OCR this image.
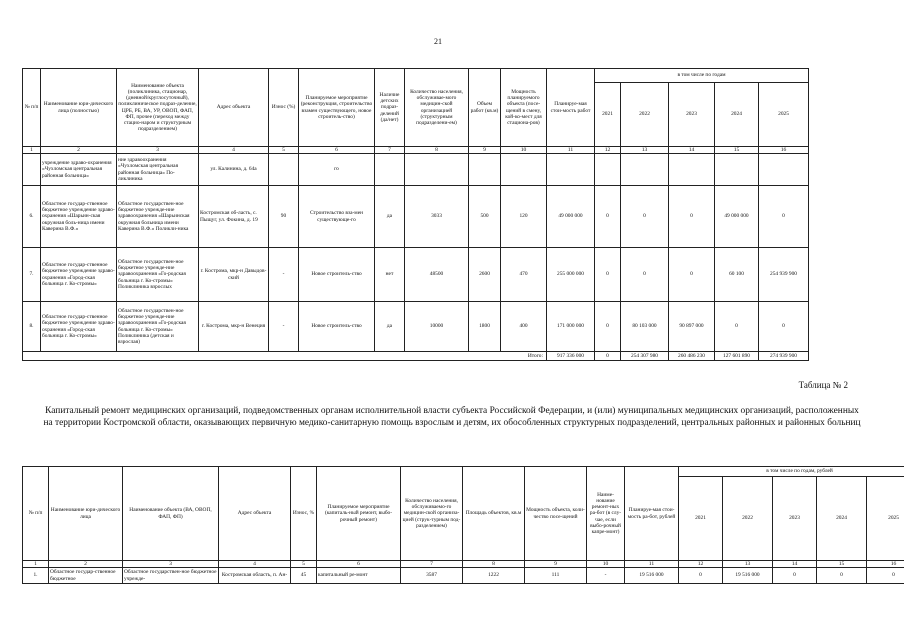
21
№ п/п	Наименование юри-дического лица (полностью)	Наименование объекта (поликлиника, стационар, (дневной/круглосуточный), поликлиническое подраз-деление, ЦРБ, РБ, ВА, УР, ОВОП, ФАП, ФП, прочее (переход между стацио-наром и структурным подразделением)	Адрес объекта	Износ (%)	Планируемое мероприятие (реконструкция, строительство взамен существующего, новое строитель-ство)	Наличие детских подраз-делений (да/нет)	Количество населения, обслуживае-мого медицин-ской организацией (структурным подразделени-ем)	Объем работ (кв.м)	Мощность планируемого объекта (посе-щений в смену, кой-ко-мест для стациона-ров)	Планируе-мая стои-мость работ	в том числе по годам				
											2021	2022	2023	2024	2025
1	2	3	4	5	6	7	8	9	10	11	12	13	14	15	16
	учреждение здраво-охранения «Чухломская центральная районная больница»	ние здравоохранения «Чухломская центральная районная больница» По-ликлиника	ул. Калинина, д. 64а		го										
6.	Областное государ-ственное бюджетное учреждение здраво-охранения «Шарьин-ская окружная боль-ница имени Каверина В.Ф.»	Областное государствен-ное бюджетное учрежде-ние здравоохранения «Шарьинская окружная больница имени Каверина В.Ф.» Поликли-ника	Костромская об-ласть, с. Пыщуг, ул. Фокина, д. 19	90	Строительство вза-мен существующе-го	да	3033	500	120	49 000 000	0	0	0	49 000 000	0
7.	Областное государ-ственное бюджетное учреждение здраво-охранения «Город-ская больница г. Ко-стромы»	Областное государствен-ное бюджетное учрежде-ние здравоохранения «Го-родская больница г. Ко-стромы» Поликлиника взрослых	г. Кострома, мкр-н Давыдов-ский	-	Новое строитель-ство	нет	48500	2600	470	255 000 000	0	0	0	60 100	254 939 900
8.	Областное государ-ственное бюджетное учреждение здраво-охранения «Город-ская больница г. Ко-стромы»	Областное государствен-ное бюджетное учрежде-ние здравоохранения «Го-родская больница г. Ко-стромы» Поликлиника (детская и взрослая)	г. Кострома, мкр-н Венеция	-	Новое строитель-ство	да	10000	1800	400	171 000 000	0	80 103 000	90 897 000	0	0
Итого:										917 336 000	0	254 307 980	260 486 230	127 601 890	274 939 900
Таблица № 2
Капитальный ремонт медицинских организаций, подведомственных органам исполнительной власти субъекта Российской Федерации, и (или) муниципальных медицинских организаций, расположенных на территории Костромской области, оказывающих первичную медико-санитарную помощь взрослым и детям, их обособленных структурных подразделений, центральных районных и районных больниц
№ п/п	Наименование юри-дического лица	Наименование объекта (ВА, ОВОП, ФАП, ФП)	Адрес объекта	Износ, %	Планируемое мероприятие (капиталь-ный ремонт, выбо-рочный ремонт)	Количество населения, обслуживаемо-го медицин-ской организа-цией (струк-турным под-разделением)	Площадь объектов, кв.м	Мощность объекта, коли-чество посе-щений	Наиме-нование ремонт-ных ра-бот (в слу-чае, если выбо-рочный капре-монт)	Планируе-мая стои-мость ра-бот, рублей	в том числе по годам, рублей				
											2021	2022	2023	2024	2025
1	2	3	4	5	6	7	8	9	10	11	12	13	14	15	16
1.	Областное государ-ственное бюджетное	Областное государствен-ное бюджетное учрежде-	Костромская область, п. Ан-	45	капитальный ре-монт	3587	1222	111	-	19 516 000	0	19 516 000	0	0	0
